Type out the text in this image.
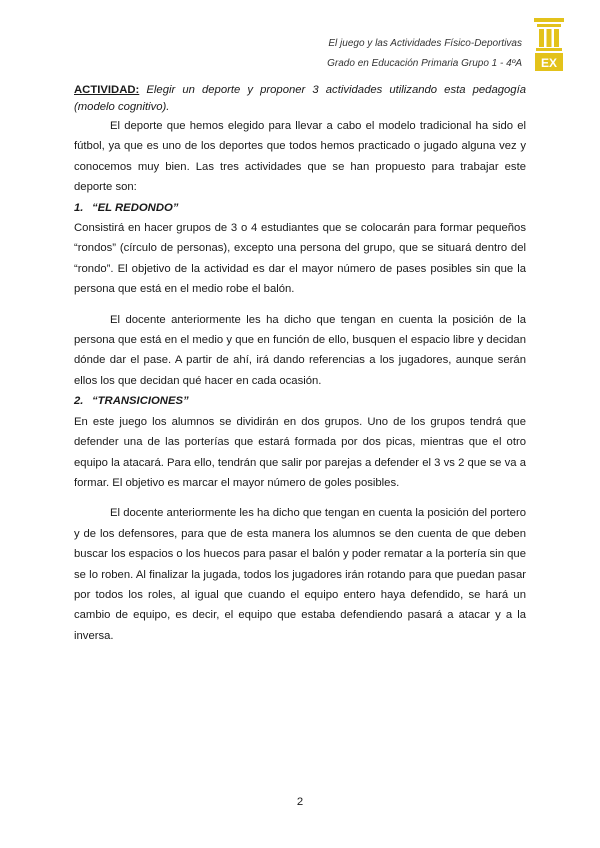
El juego y las Actividades Físico-Deportivas
Grado en Educación Primaria Grupo 1 - 4ºA EX

ACTIVIDAD: Elegir un deporte y proponer 3 actividades utilizando esta pedagogía (modelo cognitivo).

El deporte que hemos elegido para llevar a cabo el modelo tradicional ha sido el fútbol, ya que es uno de los deportes que todos hemos practicado o jugado alguna vez y conocemos muy bien. Las tres actividades que se han propuesto para trabajar este deporte son:

1. “EL REDONDO”

Consistirá en hacer grupos de 3 o 4 estudiantes que se colocarán para formar pequeños “rondos” (círculo de personas), excepto una persona del grupo, que se situará dentro del “rondo”. El objetivo de la actividad es dar el mayor número de pases posibles sin que la persona que está en el medio robe el balón.

El docente anteriormente les ha dicho que tengan en cuenta la posición de la persona que está en el medio y que en función de ello, busquen el espacio libre y decidan dónde dar el pase. A partir de ahí, irá dando referencias a los jugadores, aunque serán ellos los que decidan qué hacer en cada ocasión.

2. “TRANSICIONES”

En este juego los alumnos se dividirán en dos grupos. Uno de los grupos tendrá que defender una de las porterías que estará formada por dos picas, mientras que el otro equipo la atacará. Para ello, tendrán que salir por parejas a defender el 3 vs 2 que se va a formar. El objetivo es marcar el mayor número de goles posibles.

El docente anteriormente les ha dicho que tengan en cuenta la posición del portero y de los defensores, para que de esta manera los alumnos se den cuenta de que deben buscar los espacios o los huecos para pasar el balón y poder rematar a la portería sin que se lo roben. Al finalizar la jugada, todos los jugadores irán rotando para que puedan pasar por todos los roles, al igual que cuando el equipo entero haya defendido, se hará un cambio de equipo, es decir, el equipo que estaba defendiendo pasará a atacar y a la inversa.

2
